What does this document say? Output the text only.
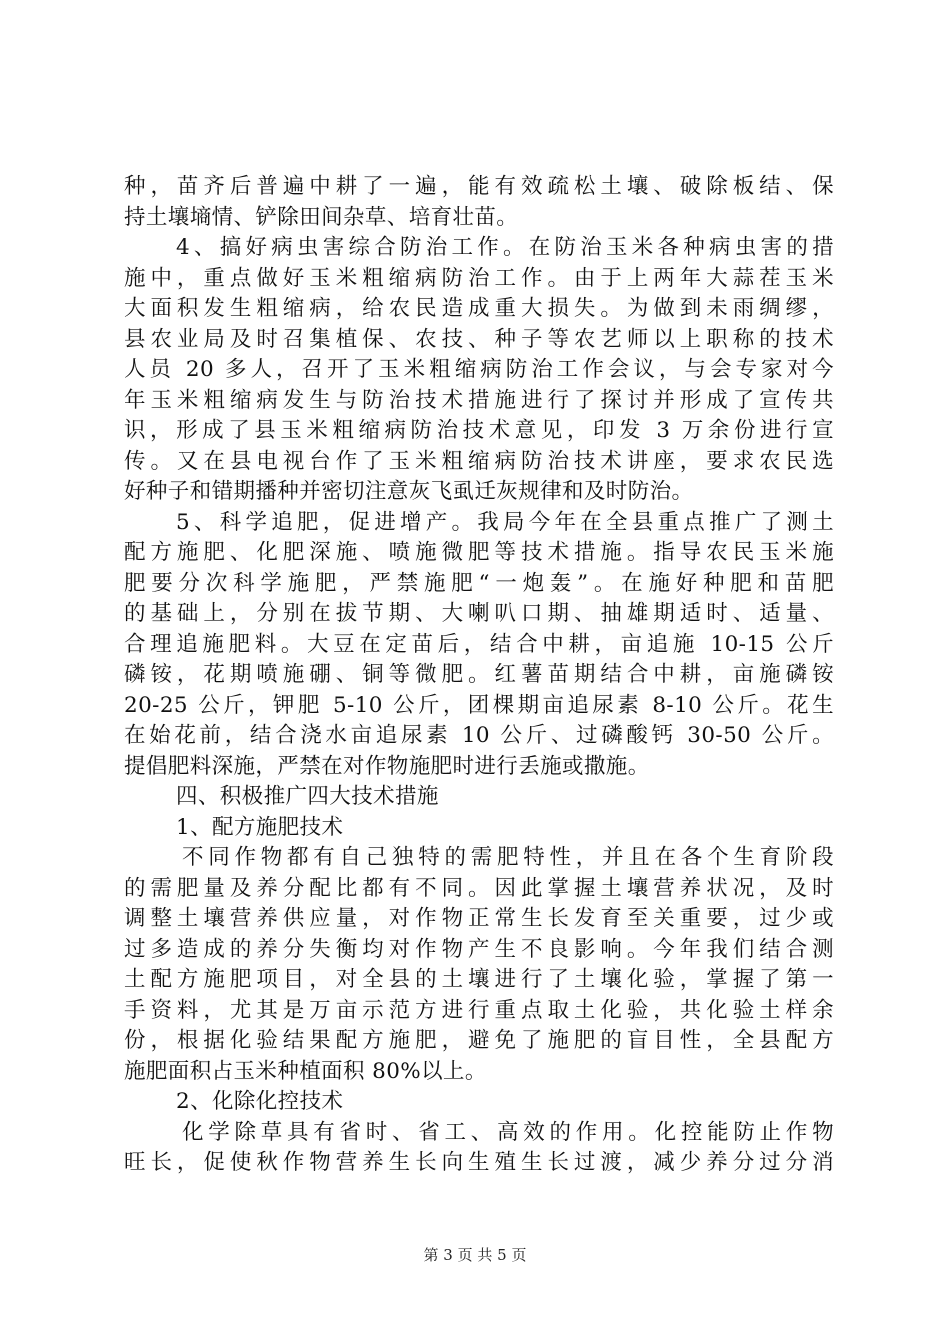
种，苗齐后普遍中耕了一遍，能有效疏松土壤、破除板结、保
持土壤墒情、铲除田间杂草、培育壮苗。
4、搞好病虫害综合防治工作。在防治玉米各种病虫害的措
施中，重点做好玉米粗缩病防治工作。由于上两年大蒜茬玉米
大面积发生粗缩病，给农民造成重大损失。为做到未雨绸缪，
县农业局及时召集植保、农技、种子等农艺师以上职称的技术
人员 20 多人，召开了玉米粗缩病防治工作会议，与会专家对今
年玉米粗缩病发生与防治技术措施进行了探讨并形成了宣传共
识，形成了县玉米粗缩病防治技术意见，印发 3 万余份进行宣
传。又在县电视台作了玉米粗缩病防治技术讲座，要求农民选
好种子和错期播种并密切注意灰飞虱迁灰规律和及时防治。
5、科学追肥，促进增产。我局今年在全县重点推广了测土
配方施肥、化肥深施、喷施微肥等技术措施。指导农民玉米施
肥要分次科学施肥，严禁施肥“一炮轰”。在施好种肥和苗肥
的基础上，分别在拔节期、大喇叭口期、抽雄期适时、适量、
合理追施肥料。大豆在定苗后，结合中耕，亩追施 10-15 公斤
磷铵，花期喷施硼、铜等微肥。红薯苗期结合中耕，亩施磷铵
20-25 公斤，钾肥 5-10 公斤，团棵期亩追尿素 8-10 公斤。花生
在始花前，结合浇水亩追尿素 10 公斤、过磷酸钙 30-50 公斤。
提倡肥料深施，严禁在对作物施肥时进行丢施或撒施。
四、积极推广四大技术措施
1、配方施肥技术
不同作物都有自己独特的需肥特性，并且在各个生育阶段
的需肥量及养分配比都有不同。因此掌握土壤营养状况，及时
调整土壤营养供应量，对作物正常生长发育至关重要，过少或
过多造成的养分失衡均对作物产生不良影响。今年我们结合测
土配方施肥项目，对全县的土壤进行了土壤化验，掌握了第一
手资料，尤其是万亩示范方进行重点取土化验，共化验土样余
份，根据化验结果配方施肥，避免了施肥的盲目性，全县配方
施肥面积占玉米种植面积 80%以上。
2、化除化控技术
化学除草具有省时、省工、高效的作用。化控能防止作物
旺长，促使秋作物营养生长向生殖生长过渡，减少养分过分消
第 3 页 共 5 页
